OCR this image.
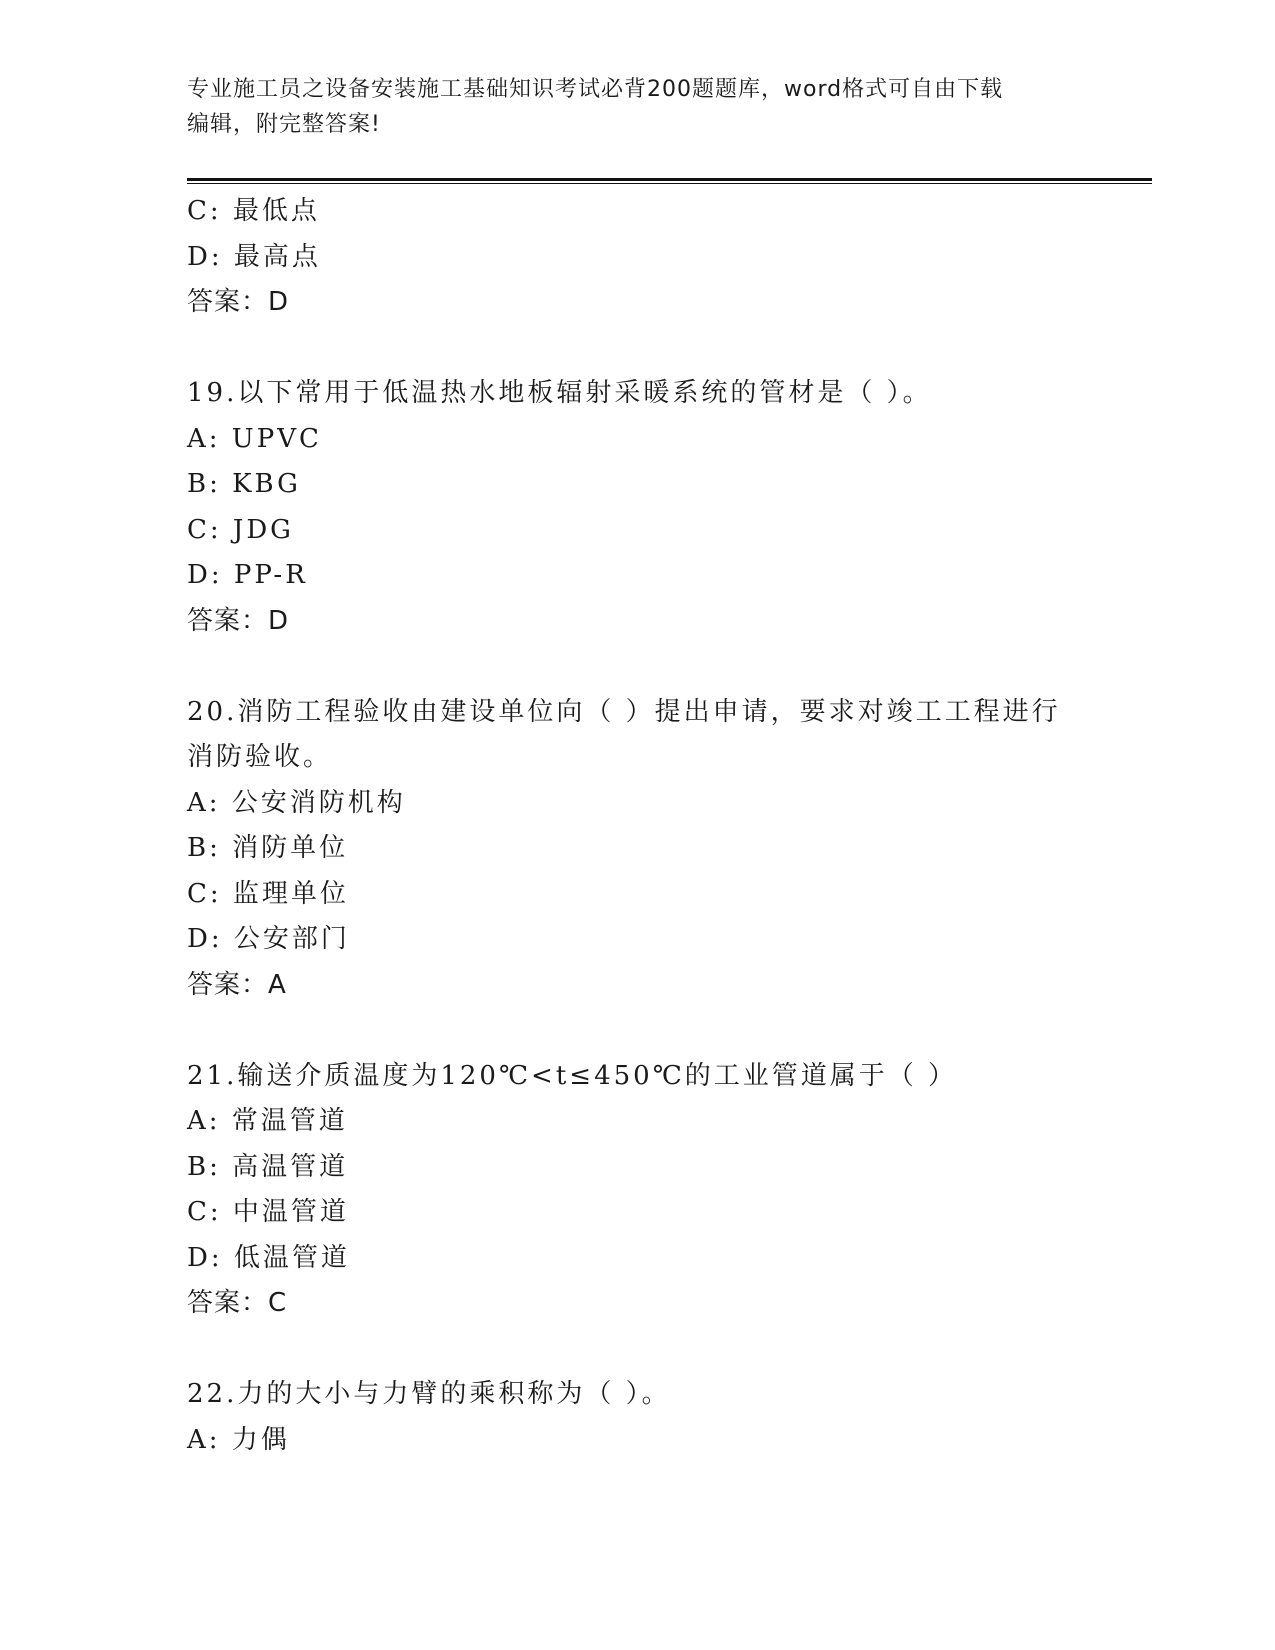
专业施工员之设备安装施工基础知识考试必背200题题库，word格式可自由下载
编辑，附完整答案!
C: 最低点
D: 最高点
答案：D
19.以下常用于低温热水地板辐射采暖系统的管材是（ ）。
A: UPVC
B: KBG
C: JDG
D: PP-R
答案：D
20.消防工程验收由建设单位向（ ）提出申请，要求对竣工工程进行
消防验收。
A: 公安消防机构
B: 消防单位
C: 监理单位
D: 公安部门
答案：A
21.输送介质温度为120℃<t≤450℃的工业管道属于（ ）
A: 常温管道
B: 高温管道
C: 中温管道
D: 低温管道
答案：C
22.力的大小与力臂的乘积称为（ ）。
A: 力偶
